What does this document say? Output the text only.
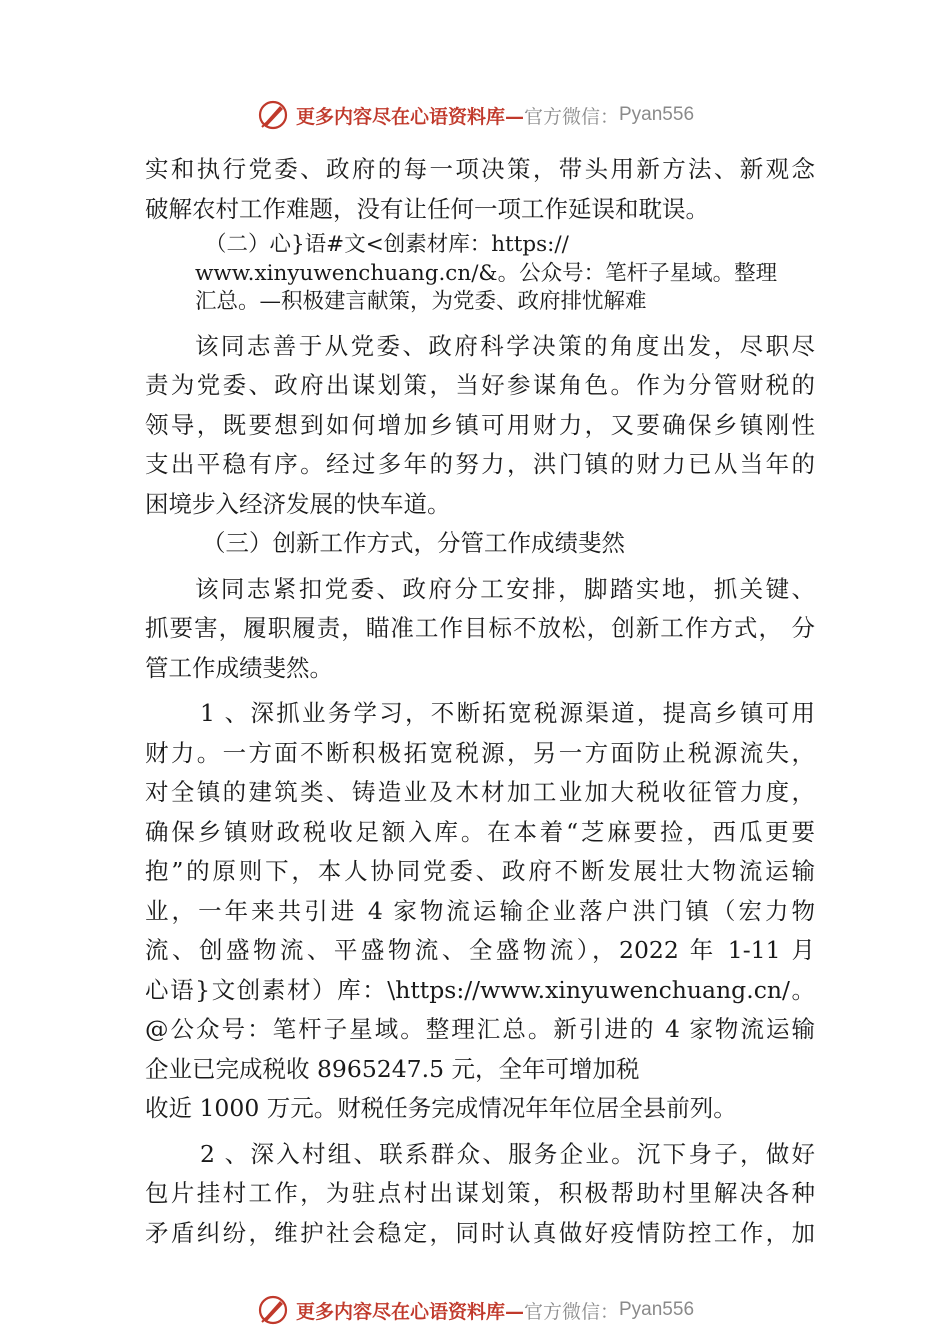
更多内容尽在心语资料库— 官方微信： Pyan556

实和执行党委、政府的每一项决策，带头用新方法、新观念

破解农村工作难题，没有让任何一项工作延误和耽误。

（二）心}语#文<创素材库：https://

www.xinyuwenchuang.cn/&。公众号：笔杆子星域。整理

汇总。—积极建言献策，为党委、政府排忧解难

该同志善于从党委、政府科学决策的角度出发，尽职尽

责为党委、政府出谋划策，当好参谋角色。作为分管财税的

领导，既要想到如何增加乡镇可用财力，又要确保乡镇刚性

支出平稳有序。经过多年的努力，洪门镇的财力已从当年的

困境步入经济发展的快车道。

（三）创新工作方式，分管工作成绩斐然

该同志紧扣党委、政府分工安排，脚踏实地，抓关键、

抓要害，履职履责，瞄准工作目标不放松，创新工作方式， 分

管工作成绩斐然。

1 、深抓业务学习，不断拓宽税源渠道，提高乡镇可用

财力。一方面不断积极拓宽税源，另一方面防止税源流失，

对全镇的建筑类、铸造业及木材加工业加大税收征管力度，

确保乡镇财政税收足额入库。在本着“芝麻要捡，西瓜更要

抱”的原则下，本人协同党委、政府不断发展壮大物流运输

业，一年来共引进 4 家物流运输企业落户洪门镇（宏力物

流、创盛物流、平盛物流、全盛物流），2022 年 1-11 月

心语}文创素材）库：\https://www.xinyuwenchuang.cn/。

@公众号：笔杆子星域。整理汇总。新引进的 4 家物流运输

企业已完成税收 8965247.5 元，全年可增加税

收近 1000 万元。财税任务完成情况年年位居全县前列。

2 、深入村组、联系群众、服务企业。沉下身子，做好

包片挂村工作，为驻点村出谋划策，积极帮助村里解决各种

矛盾纠纷，维护社会稳定，同时认真做好疫情防控工作，加

更多内容尽在心语资料库— 官方微信： Pyan556
